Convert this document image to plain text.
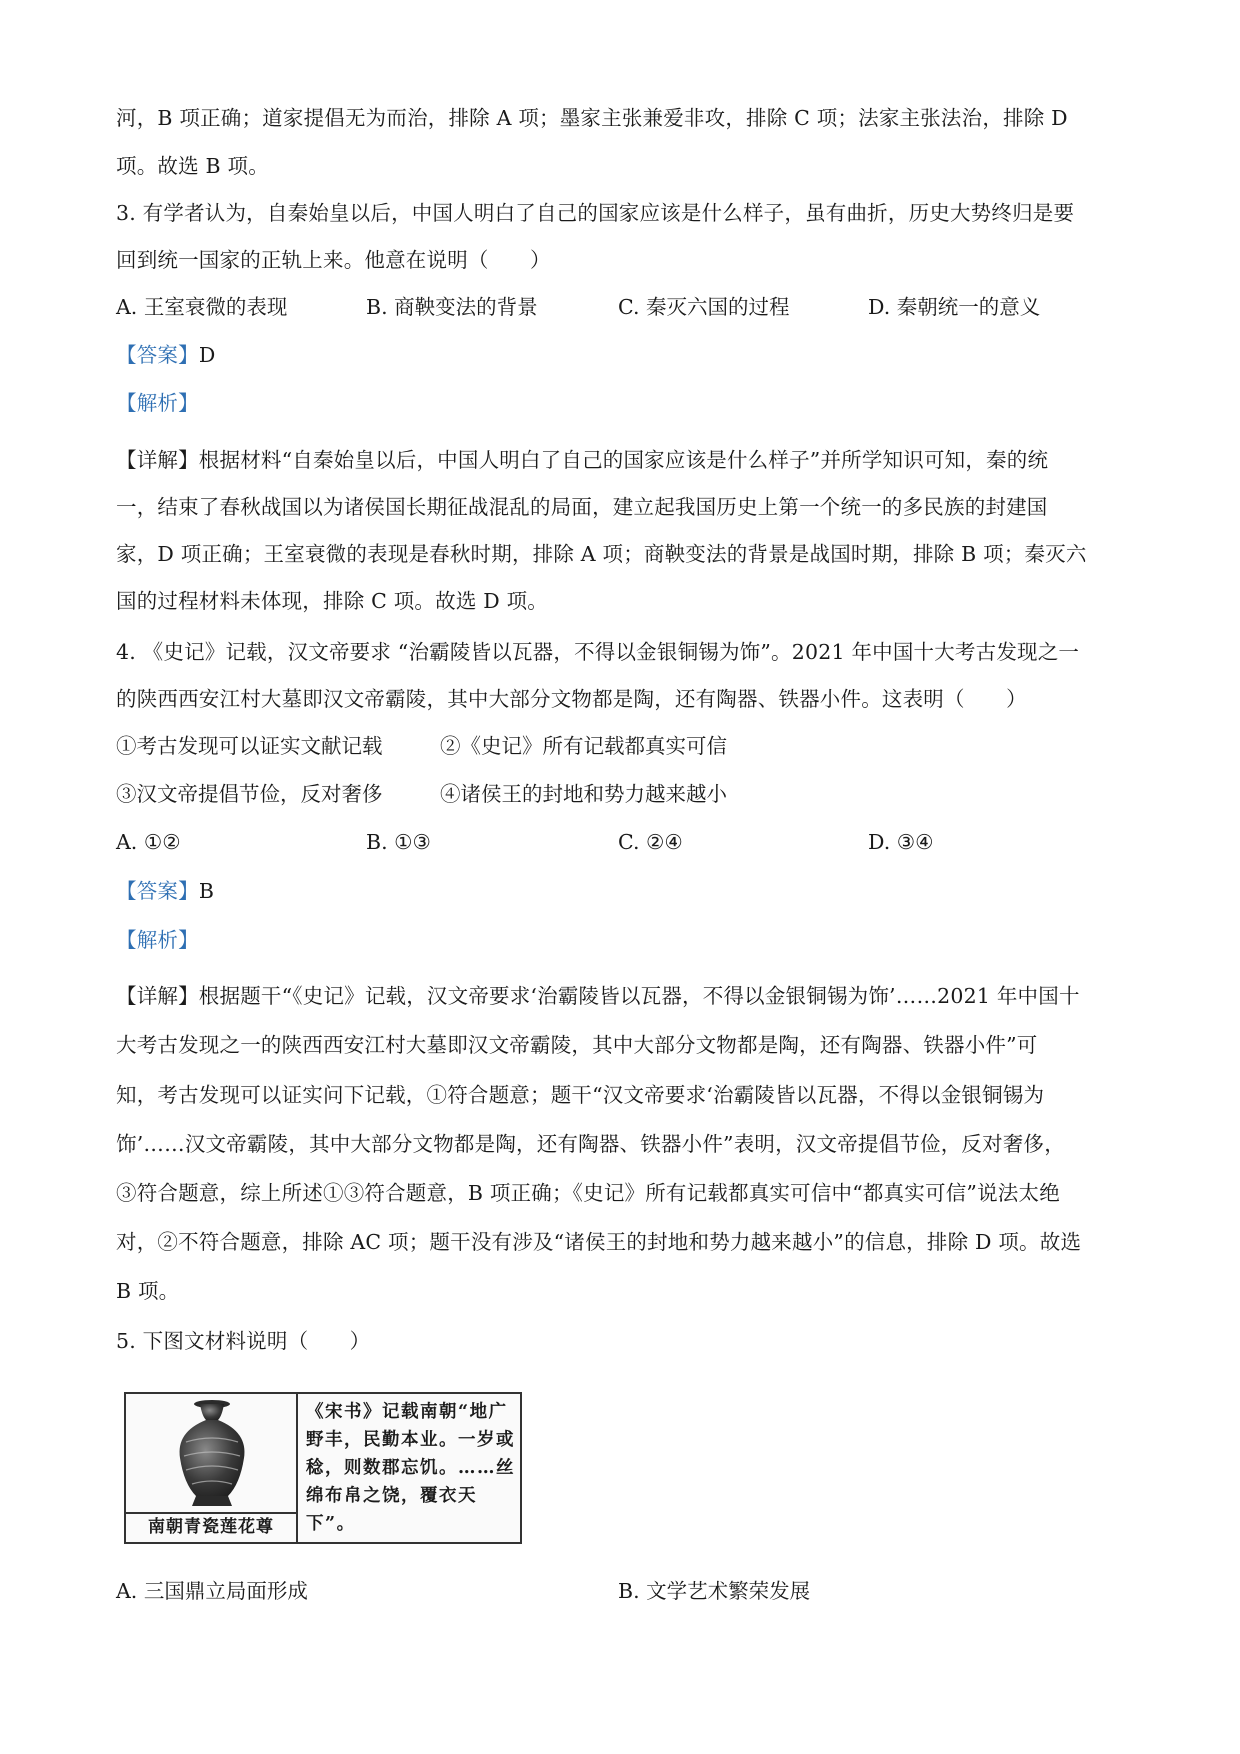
河，B 项正确；道家提倡无为而治，排除 A 项；墨家主张兼爱非攻，排除 C 项；法家主张法治，排除 D
项。故选 B 项。
3. 有学者认为，自秦始皇以后，中国人明白了自己的国家应该是什么样子，虽有曲折，历史大势终归是要
回到统一国家的正轨上来。他意在说明（　　）
A. 王室衰微的表现	B. 商鞅变法的背景	C. 秦灭六国的过程	D. 秦朝统一的意义
【答案】D
【解析】
【详解】根据材料“自秦始皇以后，中国人明白了自己的国家应该是什么样子”并所学知识可知，秦的统
一，结束了春秋战国以为诸侯国长期征战混乱的局面，建立起我国历史上第一个统一的多民族的封建国
家，D 项正确；王室衰微的表现是春秋时期，排除 A 项；商鞅变法的背景是战国时期，排除 B 项；秦灭六
国的过程材料未体现，排除 C 项。故选 D 项。
4. 《史记》记载，汉文帝要求 “治霸陵皆以瓦器，不得以金银铜锡为饰”。2021 年中国十大考古发现之一
的陕西西安江村大墓即汉文帝霸陵，其中大部分文物都是陶，还有陶器、铁器小件。这表明（　　）
①考古发现可以证实文献记载	②《史记》所有记载都真实可信
③汉文帝提倡节俭，反对奢侈	④诸侯王的封地和势力越来越小
A. ①②	B. ①③	C. ②④	D. ③④
【答案】B
【解析】
【详解】根据题干“《史记》记载，汉文帝要求‘治霸陵皆以瓦器，不得以金银铜锡为饰’……2021 年中国十
大考古发现之一的陕西西安江村大墓即汉文帝霸陵，其中大部分文物都是陶，还有陶器、铁器小件”可
知，考古发现可以证实问下记载，①符合题意；题干“汉文帝要求‘治霸陵皆以瓦器，不得以金银铜锡为
饰’……汉文帝霸陵，其中大部分文物都是陶，还有陶器、铁器小件”表明，汉文帝提倡节俭，反对奢侈，
③符合题意，综上所述①③符合题意，B 项正确；《史记》所有记载都真实可信中“都真实可信”说法太绝
对，②不符合题意，排除 AC 项；题干没有涉及“诸侯王的封地和势力越来越小”的信息，排除 D 项。故选
B 项。
5. 下图文材料说明（　　）
南朝青瓷莲花尊
《宋书》记载南朝“地广野丰，民勤本业。一岁或稔，则数郡忘饥。……丝绵布帛之饶，覆衣天下”。
A. 三国鼎立局面形成	B. 文学艺术繁荣发展
